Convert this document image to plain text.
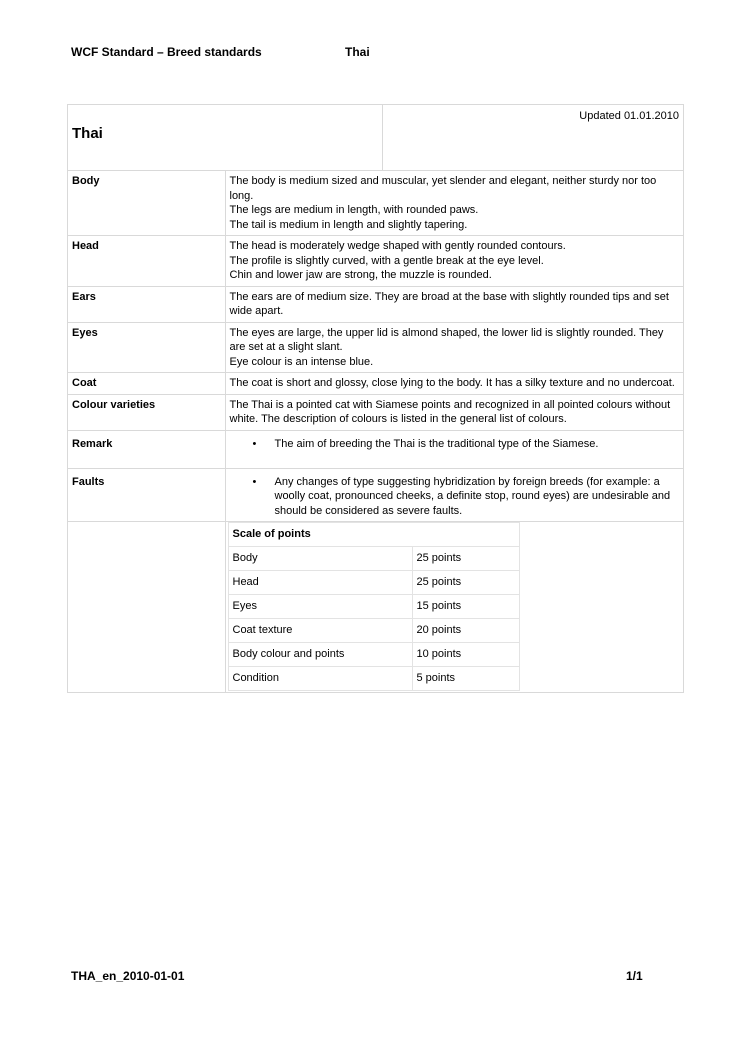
WCF Standard – Breed standards	Thai
Thai	Updated 01.01.2010
Body	The body is medium sized and muscular, yet slender and elegant, neither sturdy nor too long.
The legs are medium in length, with rounded paws.
The tail is medium in length and slightly tapering.

Head	The head is moderately wedge shaped with gently rounded contours.
The profile is slightly curved, with a gentle break at the eye level.
Chin and lower jaw are strong, the muzzle is rounded.

Ears	The ears are of medium size. They are broad at the base with slightly rounded tips and set wide apart.

Eyes	The eyes are large, the upper lid is almond shaped, the lower lid is slightly rounded. They are set at a slight slant.
Eye colour is an intense blue.

Coat	The coat is short and glossy, close lying to the body. It has a silky texture and no undercoat.

Colour varieties	The Thai is a pointed cat with Siamese points and recognized in all pointed colours without white. The description of colours is listed in the general list of colours.

Remark	
•The aim of breeding the Thai is the traditional type of the Siamese.

Faults	
•Any changes of type suggesting hybridization by foreign breeds (for example: a woolly coat, pronounced cheeks, a definite stop, round eyes) are undesirable and should be considered as severe faults.

Scale of points
Body	25 points
Head	25 points
Eyes	15 points
Coat texture	20 points
Body colour and points	10 points
Condition	5 points
THA_en_2010-01-01	1/1
